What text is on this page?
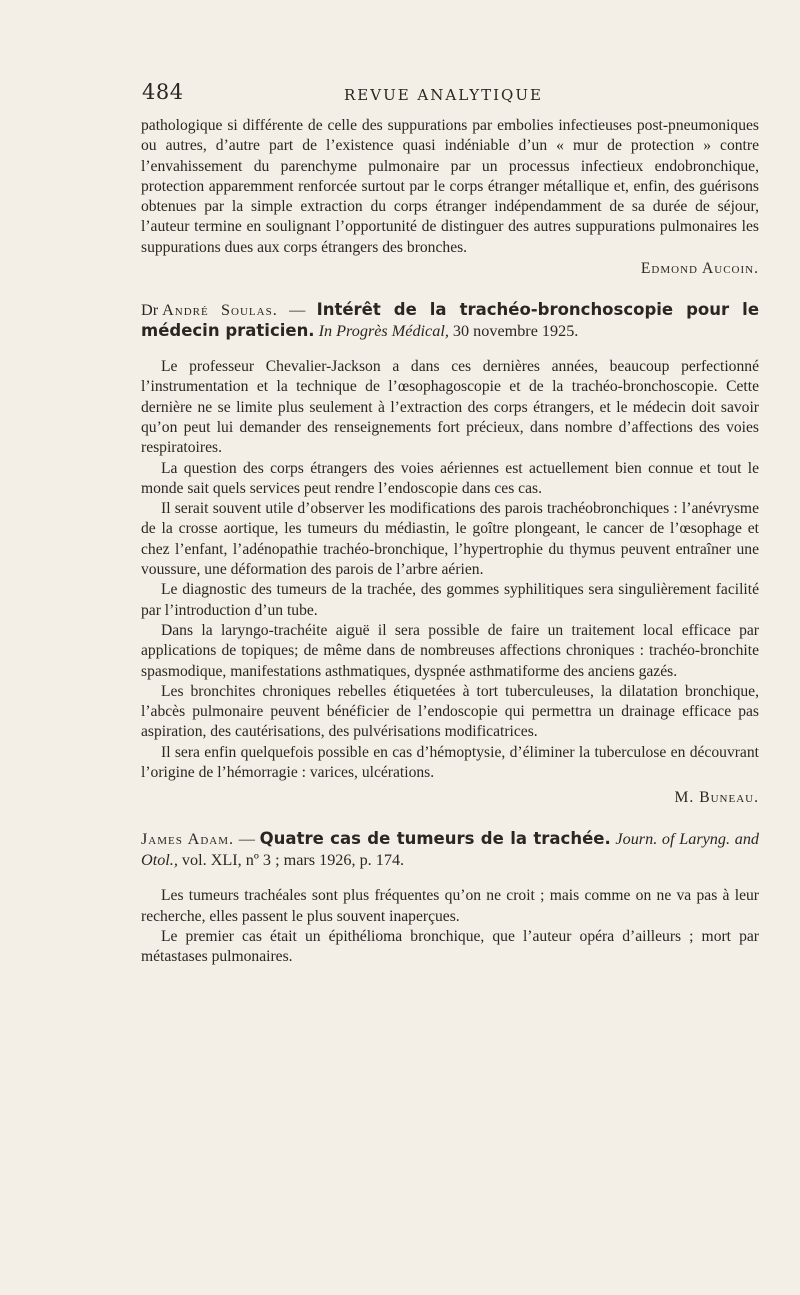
484	REVUE ANALYTIQUE

pathologique si différente de celle des suppurations par embolies infectieuses post-pneumoniques ou autres, d’autre part de l’existence quasi indéniable d’un « mur de protection » contre l’envahissement du parenchyme pulmonaire par un processus infectieux endobronchique, protection apparemment renforcée surtout par le corps étranger métallique et, enfin, des guérisons obtenues par la simple extraction du corps étranger indépendamment de sa durée de séjour, l’auteur termine en soulignant l’opportunité de distinguer des autres suppurations pulmonaires les suppurations dues aux corps étrangers des bronches.

Edmond Aucoin.

Dr André Soulas. — Intérêt de la trachéo-bronchoscopie pour le médecin praticien. In Progrès Médical, 30 novembre 1925.

Le professeur Chevalier-Jackson a dans ces dernières années, beaucoup perfectionné l’instrumentation et la technique de l’œsophagoscopie et de la trachéo-bronchoscopie. Cette dernière ne se limite plus seulement à l’extraction des corps étrangers, et le médecin doit savoir qu’on peut lui demander des renseignements fort précieux, dans nombre d’affections des voies respiratoires.

La question des corps étrangers des voies aériennes est actuellement bien connue et tout le monde sait quels services peut rendre l’endoscopie dans ces cas.

Il serait souvent utile d’observer les modifications des parois trachéobronchiques : l’anévrysme de la crosse aortique, les tumeurs du médiastin, le goître plongeant, le cancer de l’œsophage et chez l’enfant, l’adénopathie trachéo-bronchique, l’hypertrophie du thymus peuvent entraîner une voussure, une déformation des parois de l’arbre aérien.

Le diagnostic des tumeurs de la trachée, des gommes syphilitiques sera singulièrement facilité par l’introduction d’un tube.

Dans la laryngo-trachéite aiguë il sera possible de faire un traitement local efficace par applications de topiques; de même dans de nombreuses affections chroniques : trachéo-bronchite spasmodique, manifestations asthmatiques, dyspnée asthmatiforme des anciens gazés.

Les bronchites chroniques rebelles étiquetées à tort tuberculeuses, la dilatation bronchique, l’abcès pulmonaire peuvent bénéficier de l’endoscopie qui permettra un drainage efficace pas aspiration, des cautérisations, des pulvérisations modificatrices.

Il sera enfin quelquefois possible en cas d’hémoptysie, d’éliminer la tuberculose en découvrant l’origine de l’hémorragie : varices, ulcérations.

M. Buneau.

James Adam. — Quatre cas de tumeurs de la trachée. Journ. of Laryng. and Otol., vol. XLI, nº 3 ; mars 1926, p. 174.

Les tumeurs trachéales sont plus fréquentes qu’on ne croit ; mais comme on ne va pas à leur recherche, elles passent le plus souvent inaperçues.

Le premier cas était un épithélioma bronchique, que l’auteur opéra d’ailleurs ; mort par métastases pulmonaires.
